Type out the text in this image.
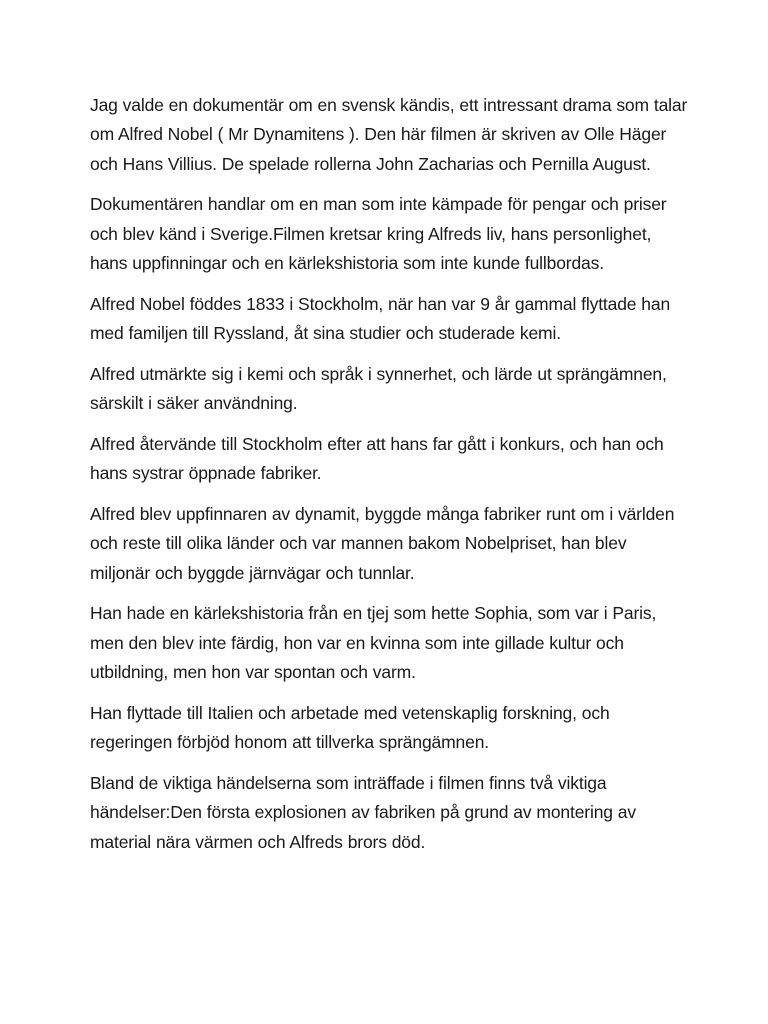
Jag valde en dokumentär om en svensk kändis, ett intressant drama som talar om Alfred Nobel ( Mr Dynamitens ). Den här filmen är skriven av Olle Häger och Hans Villius. De spelade rollerna John Zacharias och Pernilla August.

Dokumentären handlar om en man som inte kämpade för pengar och priser och blev känd i Sverige.Filmen kretsar kring Alfreds liv, hans personlighet, hans uppfinningar och en kärlekshistoria som inte kunde fullbordas.

Alfred Nobel föddes 1833 i Stockholm, när han var 9 år gammal flyttade han med familjen till Ryssland, åt sina studier och studerade kemi.

Alfred utmärkte sig i kemi och språk i synnerhet, och lärde ut sprängämnen, särskilt i säker användning.

Alfred återvände till Stockholm efter att hans far gått i konkurs, och han och hans systrar öppnade fabriker.

Alfred blev uppfinnaren av dynamit, byggde många fabriker runt om i världen och reste till olika länder och var mannen bakom Nobelpriset, han blev miljonär och byggde järnvägar och tunnlar.

Han hade en kärlekshistoria från en tjej som hette Sophia, som var i Paris, men den blev inte färdig, hon var en kvinna som inte gillade kultur och utbildning, men hon var spontan och varm.

Han flyttade till Italien och arbetade med vetenskaplig forskning, och regeringen förbjöd honom att tillverka sprängämnen.

Bland de viktiga händelserna som inträffade i filmen finns två viktiga händelser:Den första explosionen av fabriken på grund av montering av material nära värmen och Alfreds brors död.
